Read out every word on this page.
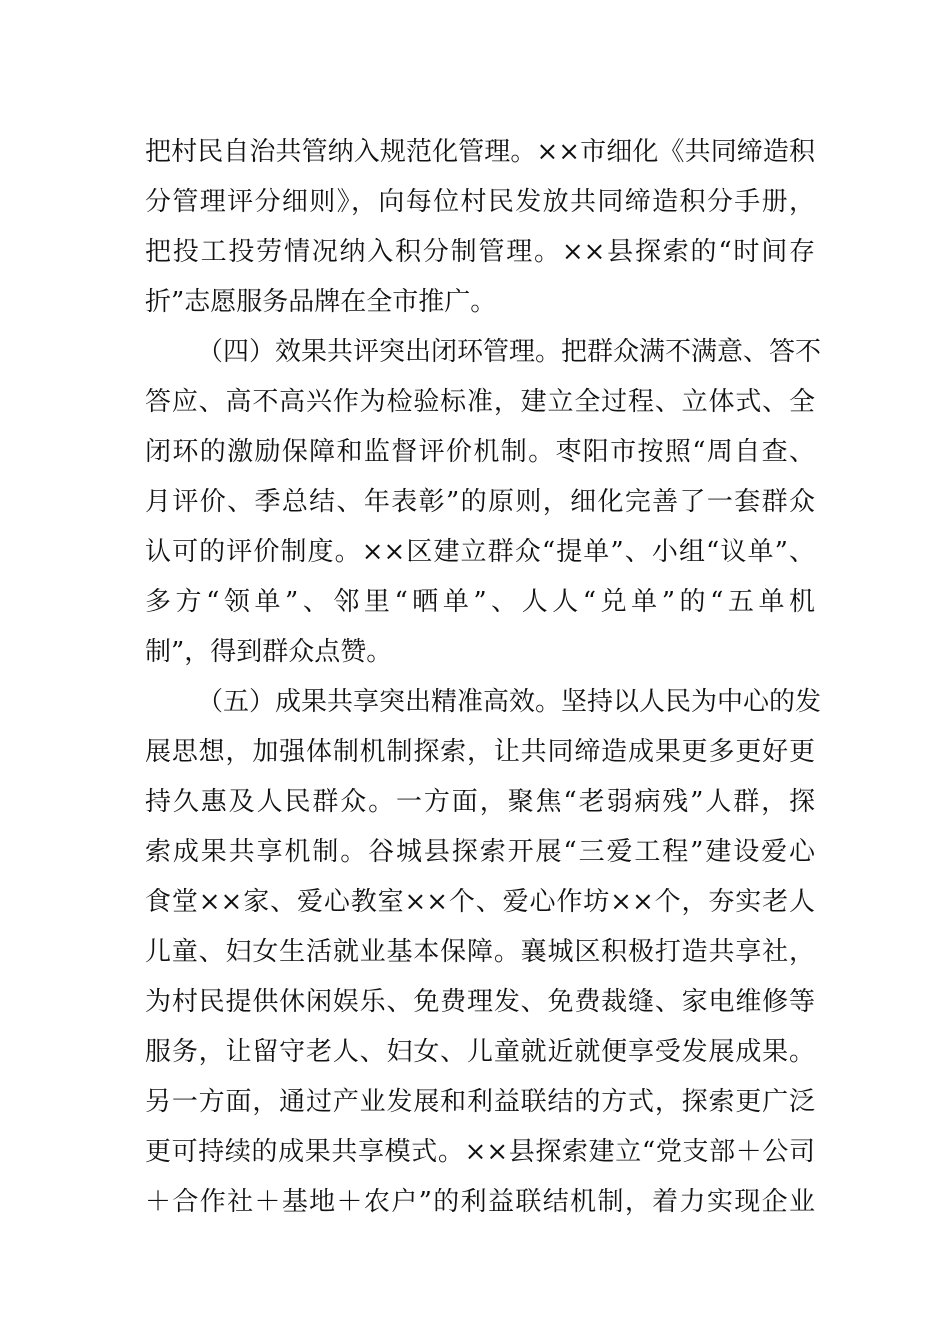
把村民自治共管纳入规范化管理。××市细化《共同缔造积
分管理评分细则》，向每位村民发放共同缔造积分手册，
把投工投劳情况纳入积分制管理。××县探索的“时间存
折”志愿服务品牌在全市推广。
（四）效果共评突出闭环管理。把群众满不满意、答不
答应、高不高兴作为检验标准，建立全过程、立体式、全
闭环的激励保障和监督评价机制。枣阳市按照“周自查、
月评价、季总结、年表彰”的原则，细化完善了一套群众
认可的评价制度。××区建立群众“提单”、小组“议单”、
多方“领单”、邻里“晒单”、人人“兑单”的“五单机
制”，得到群众点赞。
（五）成果共享突出精准高效。坚持以人民为中心的发
展思想，加强体制机制探索，让共同缔造成果更多更好更
持久惠及人民群众。一方面，聚焦“老弱病残”人群，探
索成果共享机制。谷城县探索开展“三爱工程”建设爱心
食堂××家、爱心教室××个、爱心作坊××个，夯实老人
儿童、妇女生活就业基本保障。襄城区积极打造共享社，
为村民提供休闲娱乐、免费理发、免费裁缝、家电维修等
服务，让留守老人、妇女、儿童就近就便享受发展成果。
另一方面，通过产业发展和利益联结的方式，探索更广泛
更可持续的成果共享模式。××县探索建立“党支部＋公司
＋合作社＋基地＋农户”的利益联结机制，着力实现企业
